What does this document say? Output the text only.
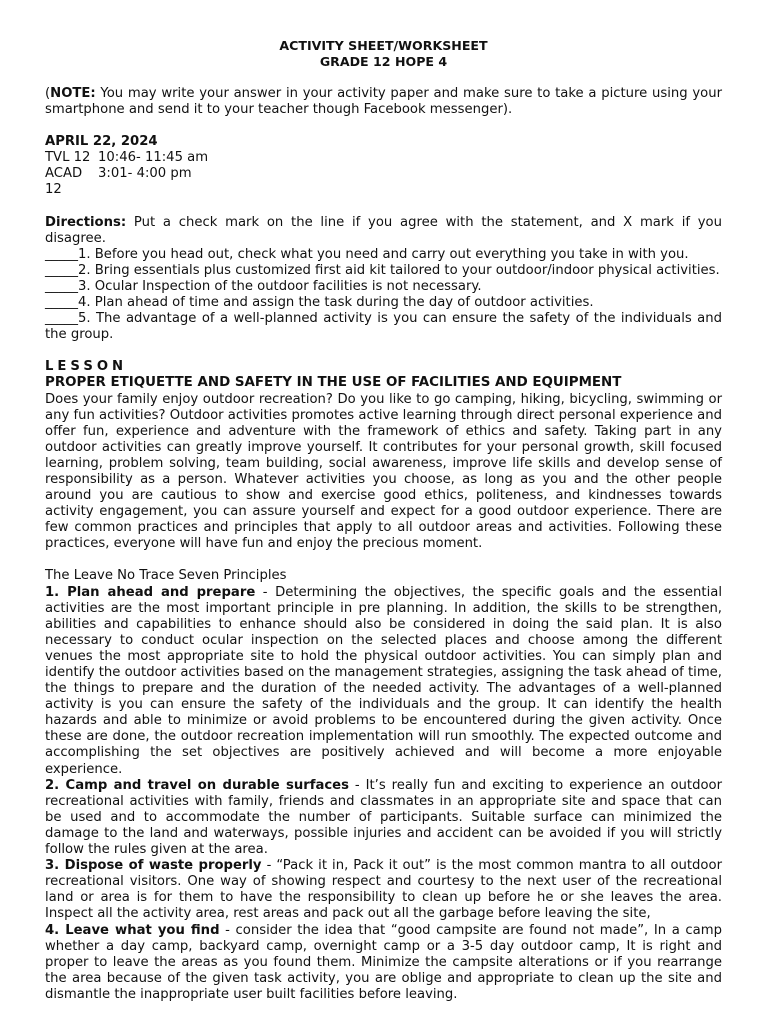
ACTIVITY SHEET/WORKSHEET
GRADE 12 HOPE 4
(NOTE: You may write your answer in your activity paper and make sure to take a picture using your smartphone and send it to your teacher though Facebook messenger).
APRIL 22, 2024
TVL 12 10:46- 11:45 am
ACAD 12
3:01- 4:00 pm
Directions: Put a check mark on the line if you agree with the statement, and X mark if you disagree.
_____1. Before you head out, check what you need and carry out everything you take in with you.
_____2. Bring essentials plus customized first aid kit tailored to your outdoor/indoor physical activities.
_____3. Ocular Inspection of the outdoor facilities is not necessary.
_____4. Plan ahead of time and assign the task during the day of outdoor activities.
_____5. The advantage of a well-planned activity is you can ensure the safety of the individuals and the group.
LESSON
PROPER ETIQUETTE AND SAFETY IN THE USE OF FACILITIES AND EQUIPMENT
Does your family enjoy outdoor recreation? Do you like to go camping, hiking, bicycling, swimming or any fun activities? Outdoor activities promotes active learning through direct personal experience and offer fun, experience and adventure with the framework of ethics and safety. Taking part in any outdoor activities can greatly improve yourself. It contributes for your personal growth, skill focused learning, problem solving, team building, social awareness, improve life skills and develop sense of responsibility as a person. Whatever activities you choose, as long as you and the other people around you are cautious to show and exercise good ethics, politeness, and kindnesses towards activity engagement, you can assure yourself and expect for a good outdoor experience. There are few common practices and principles that apply to all outdoor areas and activities. Following these practices, everyone will have fun and enjoy the precious moment.
The Leave No Trace Seven Principles
1. Plan ahead and prepare - Determining the objectives, the specific goals and the essential activities are the most important principle in pre planning. In addition, the skills to be strengthen, abilities and capabilities to enhance should also be considered in doing the said plan. It is also necessary to conduct ocular inspection on the selected places and choose among the different venues the most appropriate site to hold the physical outdoor activities. You can simply plan and identify the outdoor activities based on the management strategies, assigning the task ahead of time, the things to prepare and the duration of the needed activity. The advantages of a well-planned activity is you can ensure the safety of the individuals and the group. It can identify the health hazards and able to minimize or avoid problems to be encountered during the given activity. Once these are done, the outdoor recreation implementation will run smoothly. The expected outcome and accomplishing the set objectives are positively achieved and will become a more enjoyable experience.
2. Camp and travel on durable surfaces - It’s really fun and exciting to experience an outdoor recreational activities with family, friends and classmates in an appropriate site and space that can be used and to accommodate the number of participants. Suitable surface can minimized the damage to the land and waterways, possible injuries and accident can be avoided if you will strictly follow the rules given at the area.
3. Dispose of waste properly - “Pack it in, Pack it out” is the most common mantra to all outdoor recreational visitors. One way of showing respect and courtesy to the next user of the recreational land or area is for them to have the responsibility to clean up before he or she leaves the area. Inspect all the activity area, rest areas and pack out all the garbage before leaving the site,
4. Leave what you find - consider the idea that “good campsite are found not made”, In a camp whether a day camp, backyard camp, overnight camp or a 3-5 day outdoor camp, It is right and proper to leave the areas as you found them. Minimize the campsite alterations or if you rearrange the area because of the given task activity, you are oblige and appropriate to clean up the site and dismantle the inappropriate user built facilities before leaving.
